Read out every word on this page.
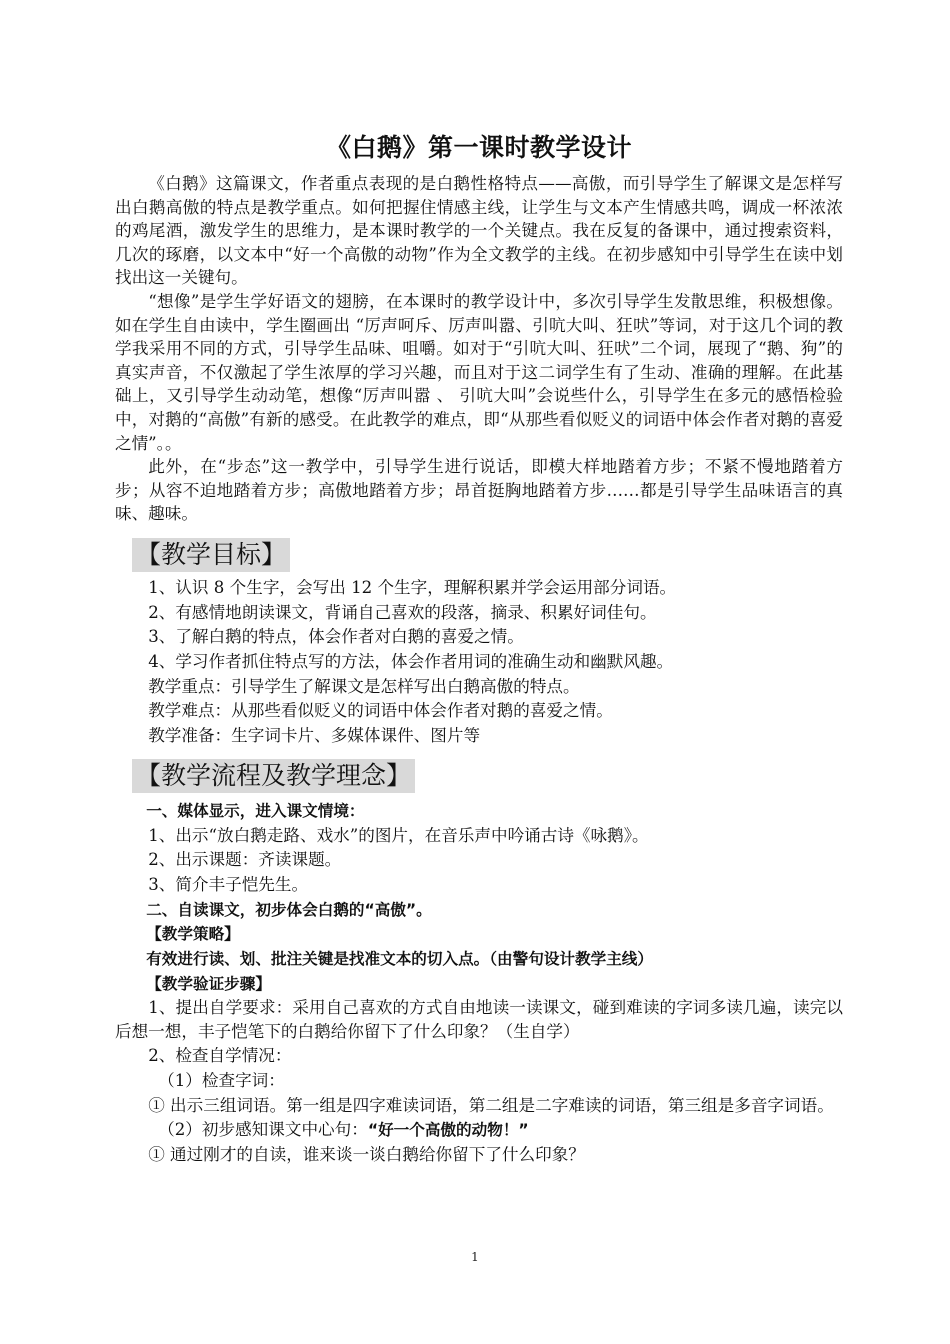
《白鹅》第一课时教学设计

《白鹅》这篇课文，作者重点表现的是白鹅性格特点——高傲，而引导学生了解课文是怎样写出白鹅高傲的特点是教学重点。如何把握住情感主线，让学生与文本产生情感共鸣，调成一杯浓浓的鸡尾酒，激发学生的思维力，是本课时教学的一个关键点。我在反复的备课中，通过搜索资料，几次的琢磨，以文本中“好一个高傲的动物”作为全文教学的主线。在初步感知中引导学生在读中划找出这一关键句。

“想像”是学生学好语文的翅膀，在本课时的教学设计中，多次引导学生发散思维，积极想像。如在学生自由读中，学生圈画出 “厉声呵斥、厉声叫嚣、引吭大叫、狂吠”等词，对于这几个词的教学我采用不同的方式，引导学生品味、咀嚼。如对于“引吭大叫、狂吠”二个词，展现了“鹅、狗”的真实声音，不仅激起了学生浓厚的学习兴趣，而且对于这二词学生有了生动、准确的理解。在此基础上，又引导学生动动笔，想像“厉声叫嚣 、 引吭大叫”会说些什么，引导学生在多元的感悟检验中，对鹅的“高傲”有新的感受。在此教学的难点，即“从那些看似贬义的词语中体会作者对鹅的喜爱之情”。。

此外，在“步态”这一教学中，引导学生进行说话，即模大样地踏着方步；不紧不慢地踏着方步；从容不迫地踏着方步；高傲地踏着方步；昂首挺胸地踏着方步……都是引导学生品味语言的真味、趣味。

【教学目标】

1、认识 8 个生字，会写出 12 个生字，理解积累并学会运用部分词语。

2、有感情地朗读课文，背诵自己喜欢的段落，摘录、积累好词佳句。

3、了解白鹅的特点，体会作者对白鹅的喜爱之情。

4、学习作者抓住特点写的方法，体会作者用词的准确生动和幽默风趣。

教学重点：引导学生了解课文是怎样写出白鹅高傲的特点。

教学难点：从那些看似贬义的词语中体会作者对鹅的喜爱之情。

教学准备：生字词卡片、多媒体课件、图片等

【教学流程及教学理念】

一、媒体显示，进入课文情境：

1、出示“放白鹅走路、戏水”的图片，在音乐声中吟诵古诗《咏鹅》。

2、出示课题：齐读课题。

3、简介丰子恺先生。

二、自读课文，初步体会白鹅的“高傲”。

【教学策略】

有效进行读、划、批注关键是找准文本的切入点。（由警句设计教学主线）

【教学验证步骤】

1、提出自学要求：采用自己喜欢的方式自由地读一读课文，碰到难读的字词多读几遍，读完以后想一想，丰子恺笔下的白鹅给你留下了什么印象？（生自学）

2、检查自学情况：

（1）检查字词：

① 出示三组词语。第一组是四字难读词语，第二组是二字难读的词语，第三组是多音字词语。

（2）初步感知课文中心句：“好一个高傲的动物！”

① 通过刚才的自读，谁来谈一谈白鹅给你留下了什么印象？

1
